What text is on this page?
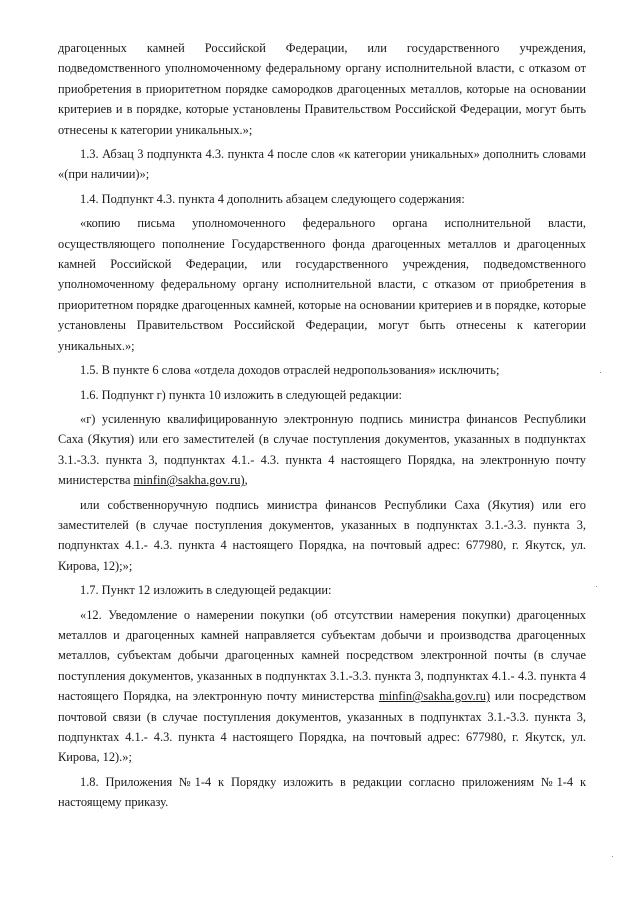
драгоценных камней Российской Федерации, или государственного учреждения, подведомственного уполномоченному федеральному органу исполнительной власти, с отказом от приобретения в приоритетном порядке самородков драгоценных металлов, которые на основании критериев и в порядке, которые установлены Правительством Российской Федерации, могут быть отнесены к категории уникальных.»;

1.3. Абзац 3 подпункта 4.3. пункта 4 после слов «к категории уникальных» дополнить словами «(при наличии)»;

1.4. Подпункт 4.3. пункта 4 дополнить абзацем следующего содержания:

«копию письма уполномоченного федерального органа исполнительной власти, осуществляющего пополнение Государственного фонда драгоценных металлов и драгоценных камней Российской Федерации, или государственного учреждения, подведомственного уполномоченному федеральному органу исполнительной власти, с отказом от приобретения в приоритетном порядке драгоценных камней, которые на основании критериев и в порядке, которые установлены Правительством Российской Федерации, могут быть отнесены к категории уникальных.»;

1.5. В пункте 6 слова «отдела доходов отраслей недропользования» исключить;

1.6. Подпункт г) пункта 10 изложить в следующей редакции:

«г) усиленную квалифицированную электронную подпись министра финансов Республики Саха (Якутия) или его заместителей (в случае поступления документов, указанных в подпунктах 3.1.-3.3. пункта 3, подпунктах 4.1.- 4.3. пункта 4 настоящего Порядка, на электронную почту министерства minfin@sakha.gov.ru),

или собственноручную подпись министра финансов Республики Саха (Якутия) или его заместителей (в случае поступления документов, указанных в подпунктах 3.1.-3.3. пункта 3, подпунктах 4.1.- 4.3. пункта 4 настоящего Порядка, на почтовый адрес: 677980, г. Якутск, ул. Кирова, 12);»;

1.7. Пункт 12 изложить в следующей редакции:

«12. Уведомление о намерении покупки (об отсутствии намерения покупки) драгоценных металлов и драгоценных камней направляется субъектам добычи и производства драгоценных металлов, субъектам добычи драгоценных камней посредством электронной почты (в случае поступления документов, указанных в подпунктах 3.1.-3.3. пункта 3, подпунктах 4.1.- 4.3. пункта 4 настоящего Порядка, на электронную почту министерства minfin@sakha.gov.ru) или посредством почтовой связи (в случае поступления документов, указанных в подпунктах 3.1.-3.3. пункта 3, подпунктах 4.1.- 4.3. пункта 4 настоящего Порядка, на почтовый адрес: 677980, г. Якутск, ул. Кирова, 12).»;

1.8. Приложения №1-4 к Порядку изложить в редакции согласно приложениям №1-4 к настоящему приказу.
